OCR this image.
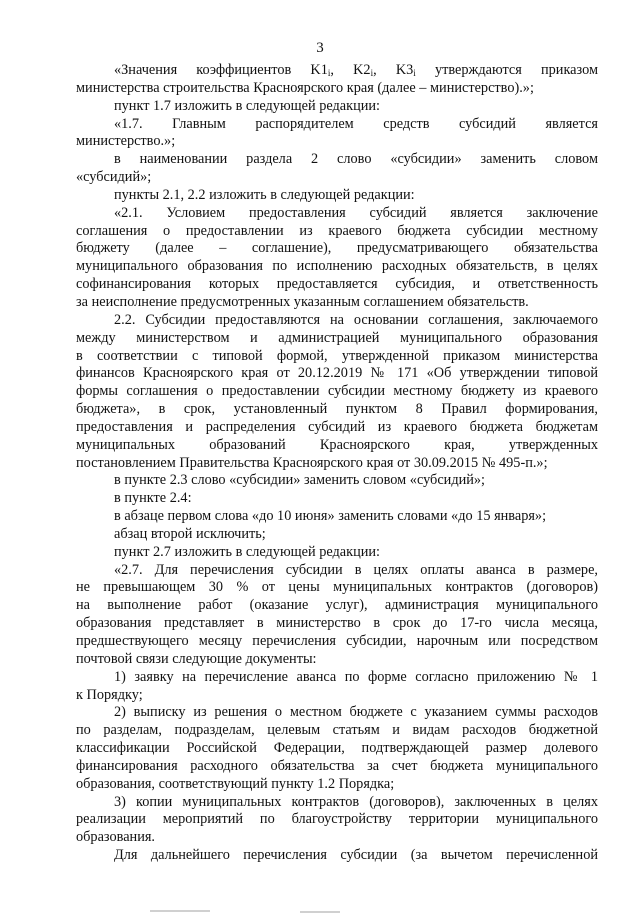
3
«Значения коэффициентов $K1_i$, $K2_i$, $K3_i$ утверждаются приказом
министерства строительства Красноярского края (далее – министерство).»;
пункт 1.7 изложить в следующей редакции:
«1.7. Главным распорядителем средств субсидий является
министерство.»;
в наименовании раздела 2 слово «субсидии» заменить словом
«субсидий»;
пункты 2.1, 2.2 изложить в следующей редакции:
«2.1. Условием предоставления субсидий является заключение
соглашения о предоставлении из краевого бюджета субсидии местному
бюджету (далее – соглашение), предусматривающего обязательства
муниципального образования по исполнению расходных обязательств, в целях
софинансирования которых предоставляется субсидия, и ответственность
за неисполнение предусмотренных указанным соглашением обязательств.
2.2. Субсидии предоставляются на основании соглашения, заключаемого
между министерством и администрацией муниципального образования
в соответствии с типовой формой, утвержденной приказом министерства
финансов Красноярского края от 20.12.2019 № 171 «Об утверждении типовой
формы соглашения о предоставлении субсидии местному бюджету из краевого
бюджета», в срок, установленный пунктом 8 Правил формирования,
предоставления и распределения субсидий из краевого бюджета бюджетам
муниципальных образований Красноярского края, утвержденных
постановлением Правительства Красноярского края от 30.09.2015 № 495-п.»;
в пункте 2.3 слово «субсидии» заменить словом «субсидий»;
в пункте 2.4:
в абзаце первом слова «до 10 июня» заменить словами «до 15 января»;
абзац второй исключить;
пункт 2.7 изложить в следующей редакции:
«2.7. Для перечисления субсидии в целях оплаты аванса в размере,
не превышающем 30 % от цены муниципальных контрактов (договоров)
на выполнение работ (оказание услуг), администрация муниципального
образования представляет в министерство в срок до 17-го числа месяца,
предшествующего месяцу перечисления субсидии, нарочным или посредством
почтовой связи следующие документы:
1) заявку на перечисление аванса по форме согласно приложению № 1
к Порядку;
2) выписку из решения о местном бюджете с указанием суммы расходов
по разделам, подразделам, целевым статьям и видам расходов бюджетной
классификации Российской Федерации, подтверждающей размер долевого
финансирования расходного обязательства за счет бюджета муниципального
образования, соответствующий пункту 1.2 Порядка;
3) копии муниципальных контрактов (договоров), заключенных в целях
реализации мероприятий по благоустройству территории муниципального
образования.
Для дальнейшего перечисления субсидии (за вычетом перечисленной
